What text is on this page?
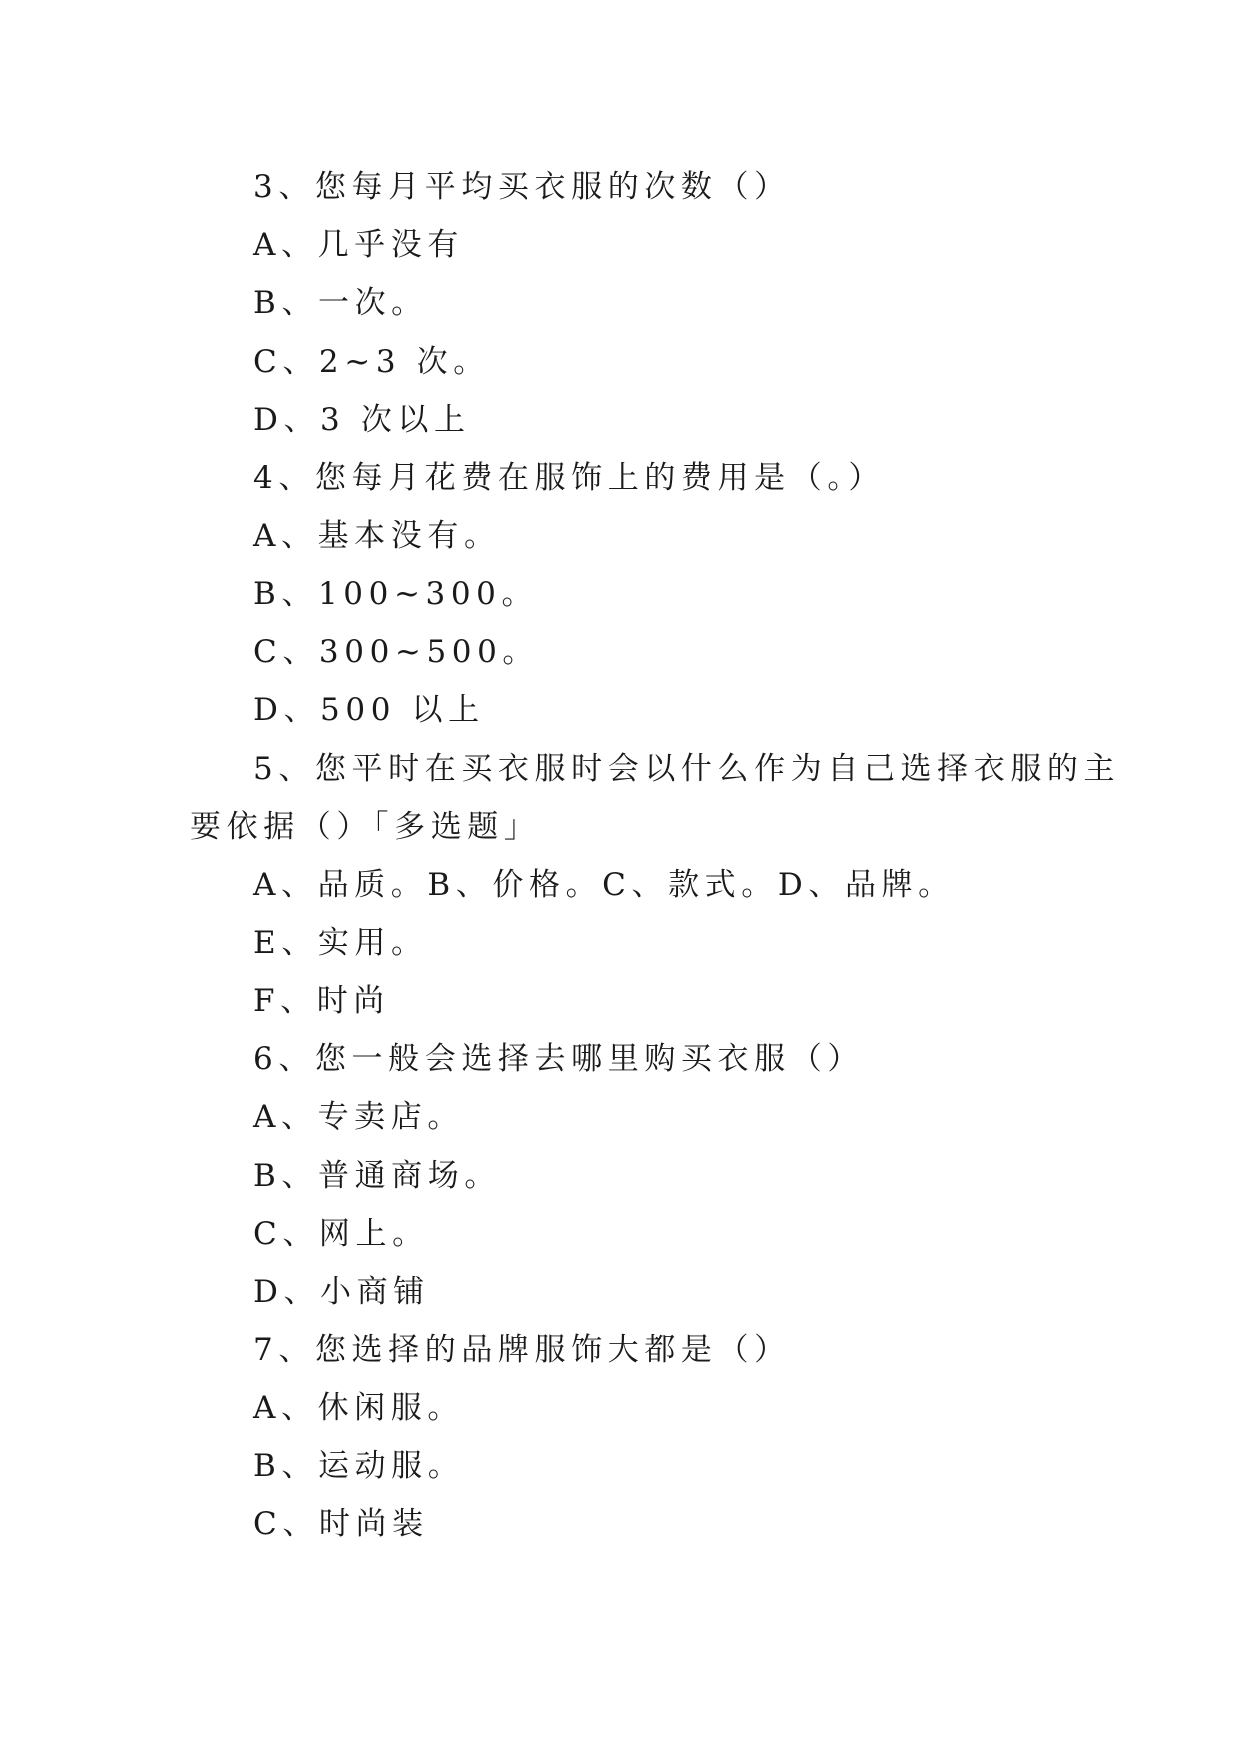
3、您每月平均买衣服的次数（）
A、几乎没有
B、一次。
C、2~3 次。
D、3 次以上
4、您每月花费在服饰上的费用是（。）
A、基本没有。
B、100~300。
C、300~500。
D、500 以上
5、您平时在买衣服时会以什么作为自己选择衣服的主
要依据（）「多选题」
A、品质。B、价格。C、款式。D、品牌。
E、实用。
F、时尚
6、您一般会选择去哪里购买衣服（）
A、专卖店。
B、普通商场。
C、网上。
D、小商铺
7、您选择的品牌服饰大都是（）
A、休闲服。
B、运动服。
C、时尚装
